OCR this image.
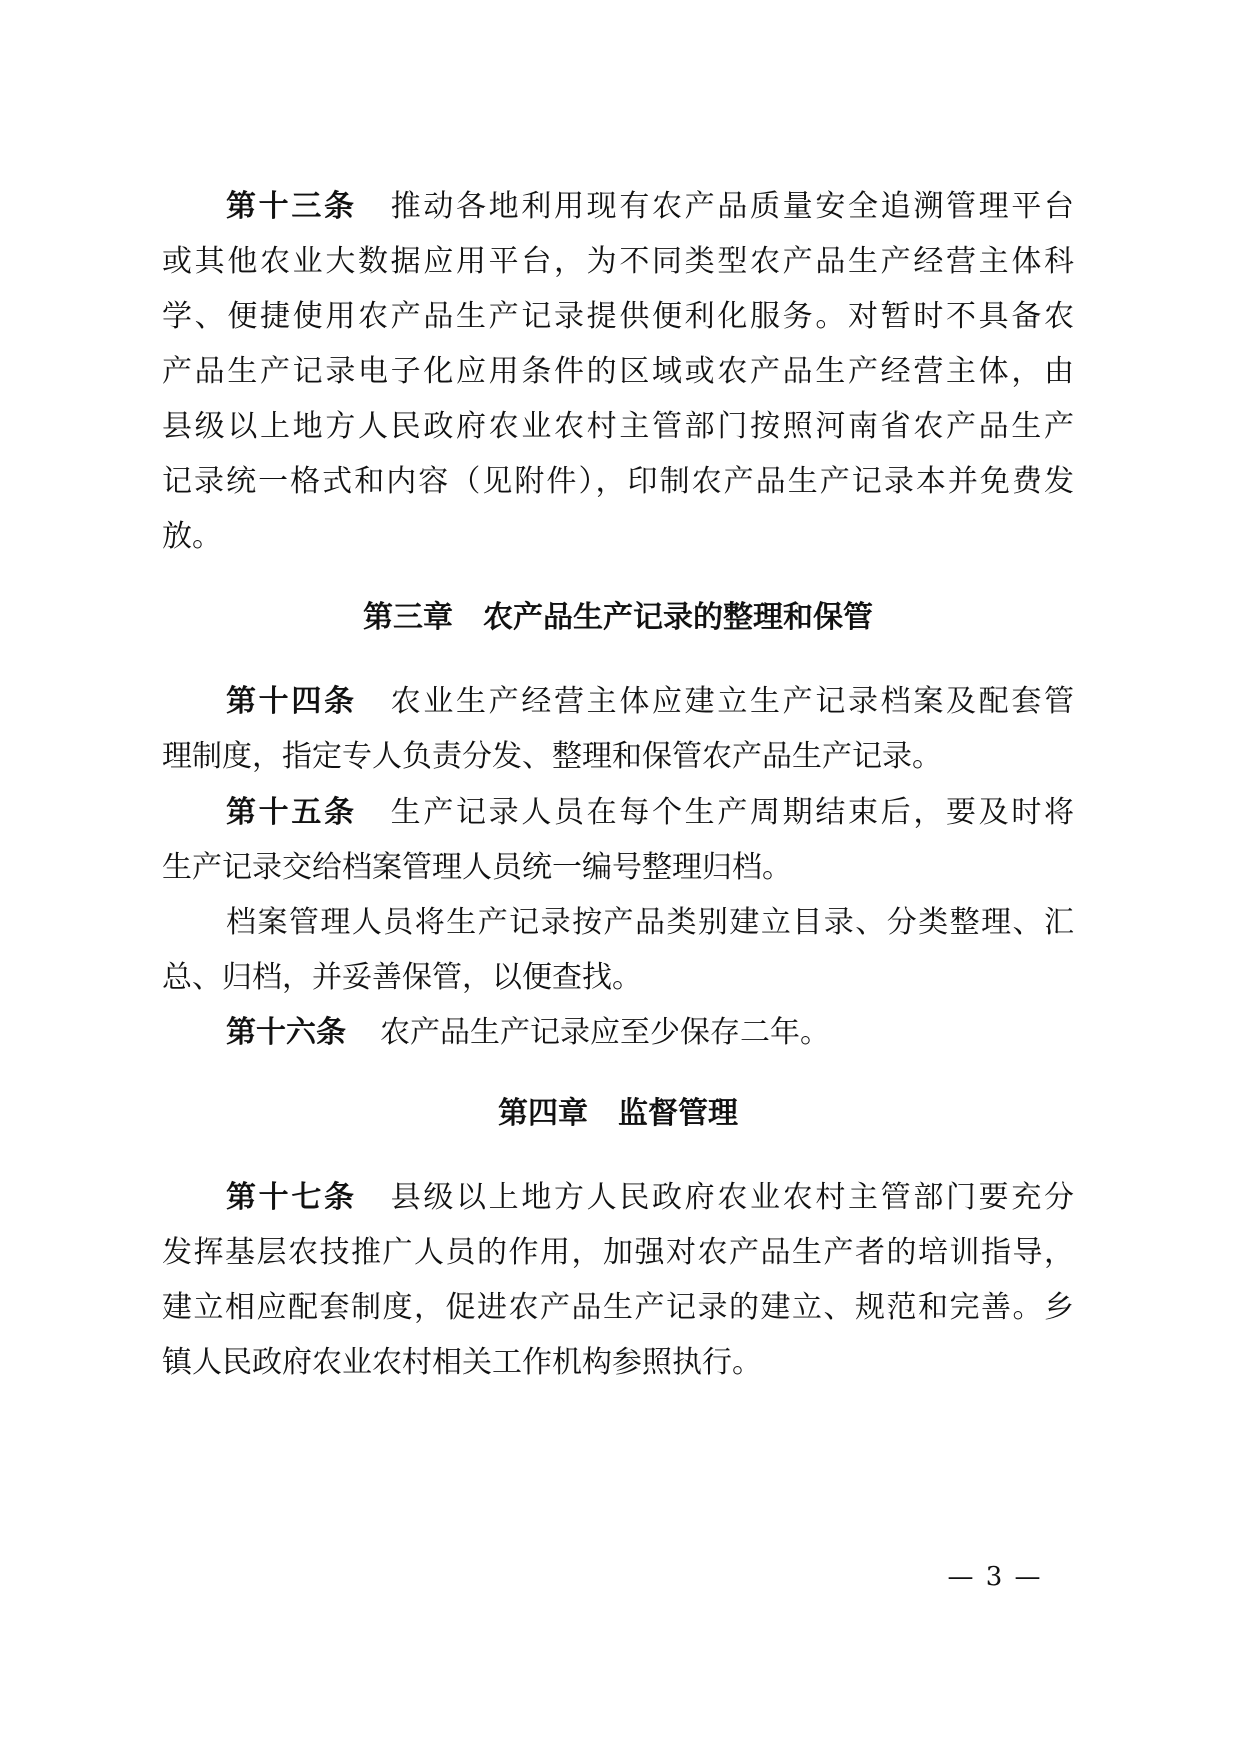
第十三条 推动各地利用现有农产品质量安全追溯管理平台
或其他农业大数据应用平台，为不同类型农产品生产经营主体科
学、便捷使用农产品生产记录提供便利化服务。对暂时不具备农
产品生产记录电子化应用条件的区域或农产品生产经营主体，由
县级以上地方人民政府农业农村主管部门按照河南省农产品生产
记录统一格式和内容（见附件），印制农产品生产记录本并免费发
放。
第三章　农产品生产记录的整理和保管
第十四条 农业生产经营主体应建立生产记录档案及配套管
理制度，指定专人负责分发、整理和保管农产品生产记录。
第十五条 生产记录人员在每个生产周期结束后，要及时将
生产记录交给档案管理人员统一编号整理归档。
档案管理人员将生产记录按产品类别建立目录、分类整理、汇
总、归档，并妥善保管，以便查找。
第十六条 农产品生产记录应至少保存二年。
第四章　监督管理
第十七条 县级以上地方人民政府农业农村主管部门要充分
发挥基层农技推广人员的作用，加强对农产品生产者的培训指导，
建立相应配套制度，促进农产品生产记录的建立、规范和完善。乡
镇人民政府农业农村相关工作机构参照执行。
— 3 —
